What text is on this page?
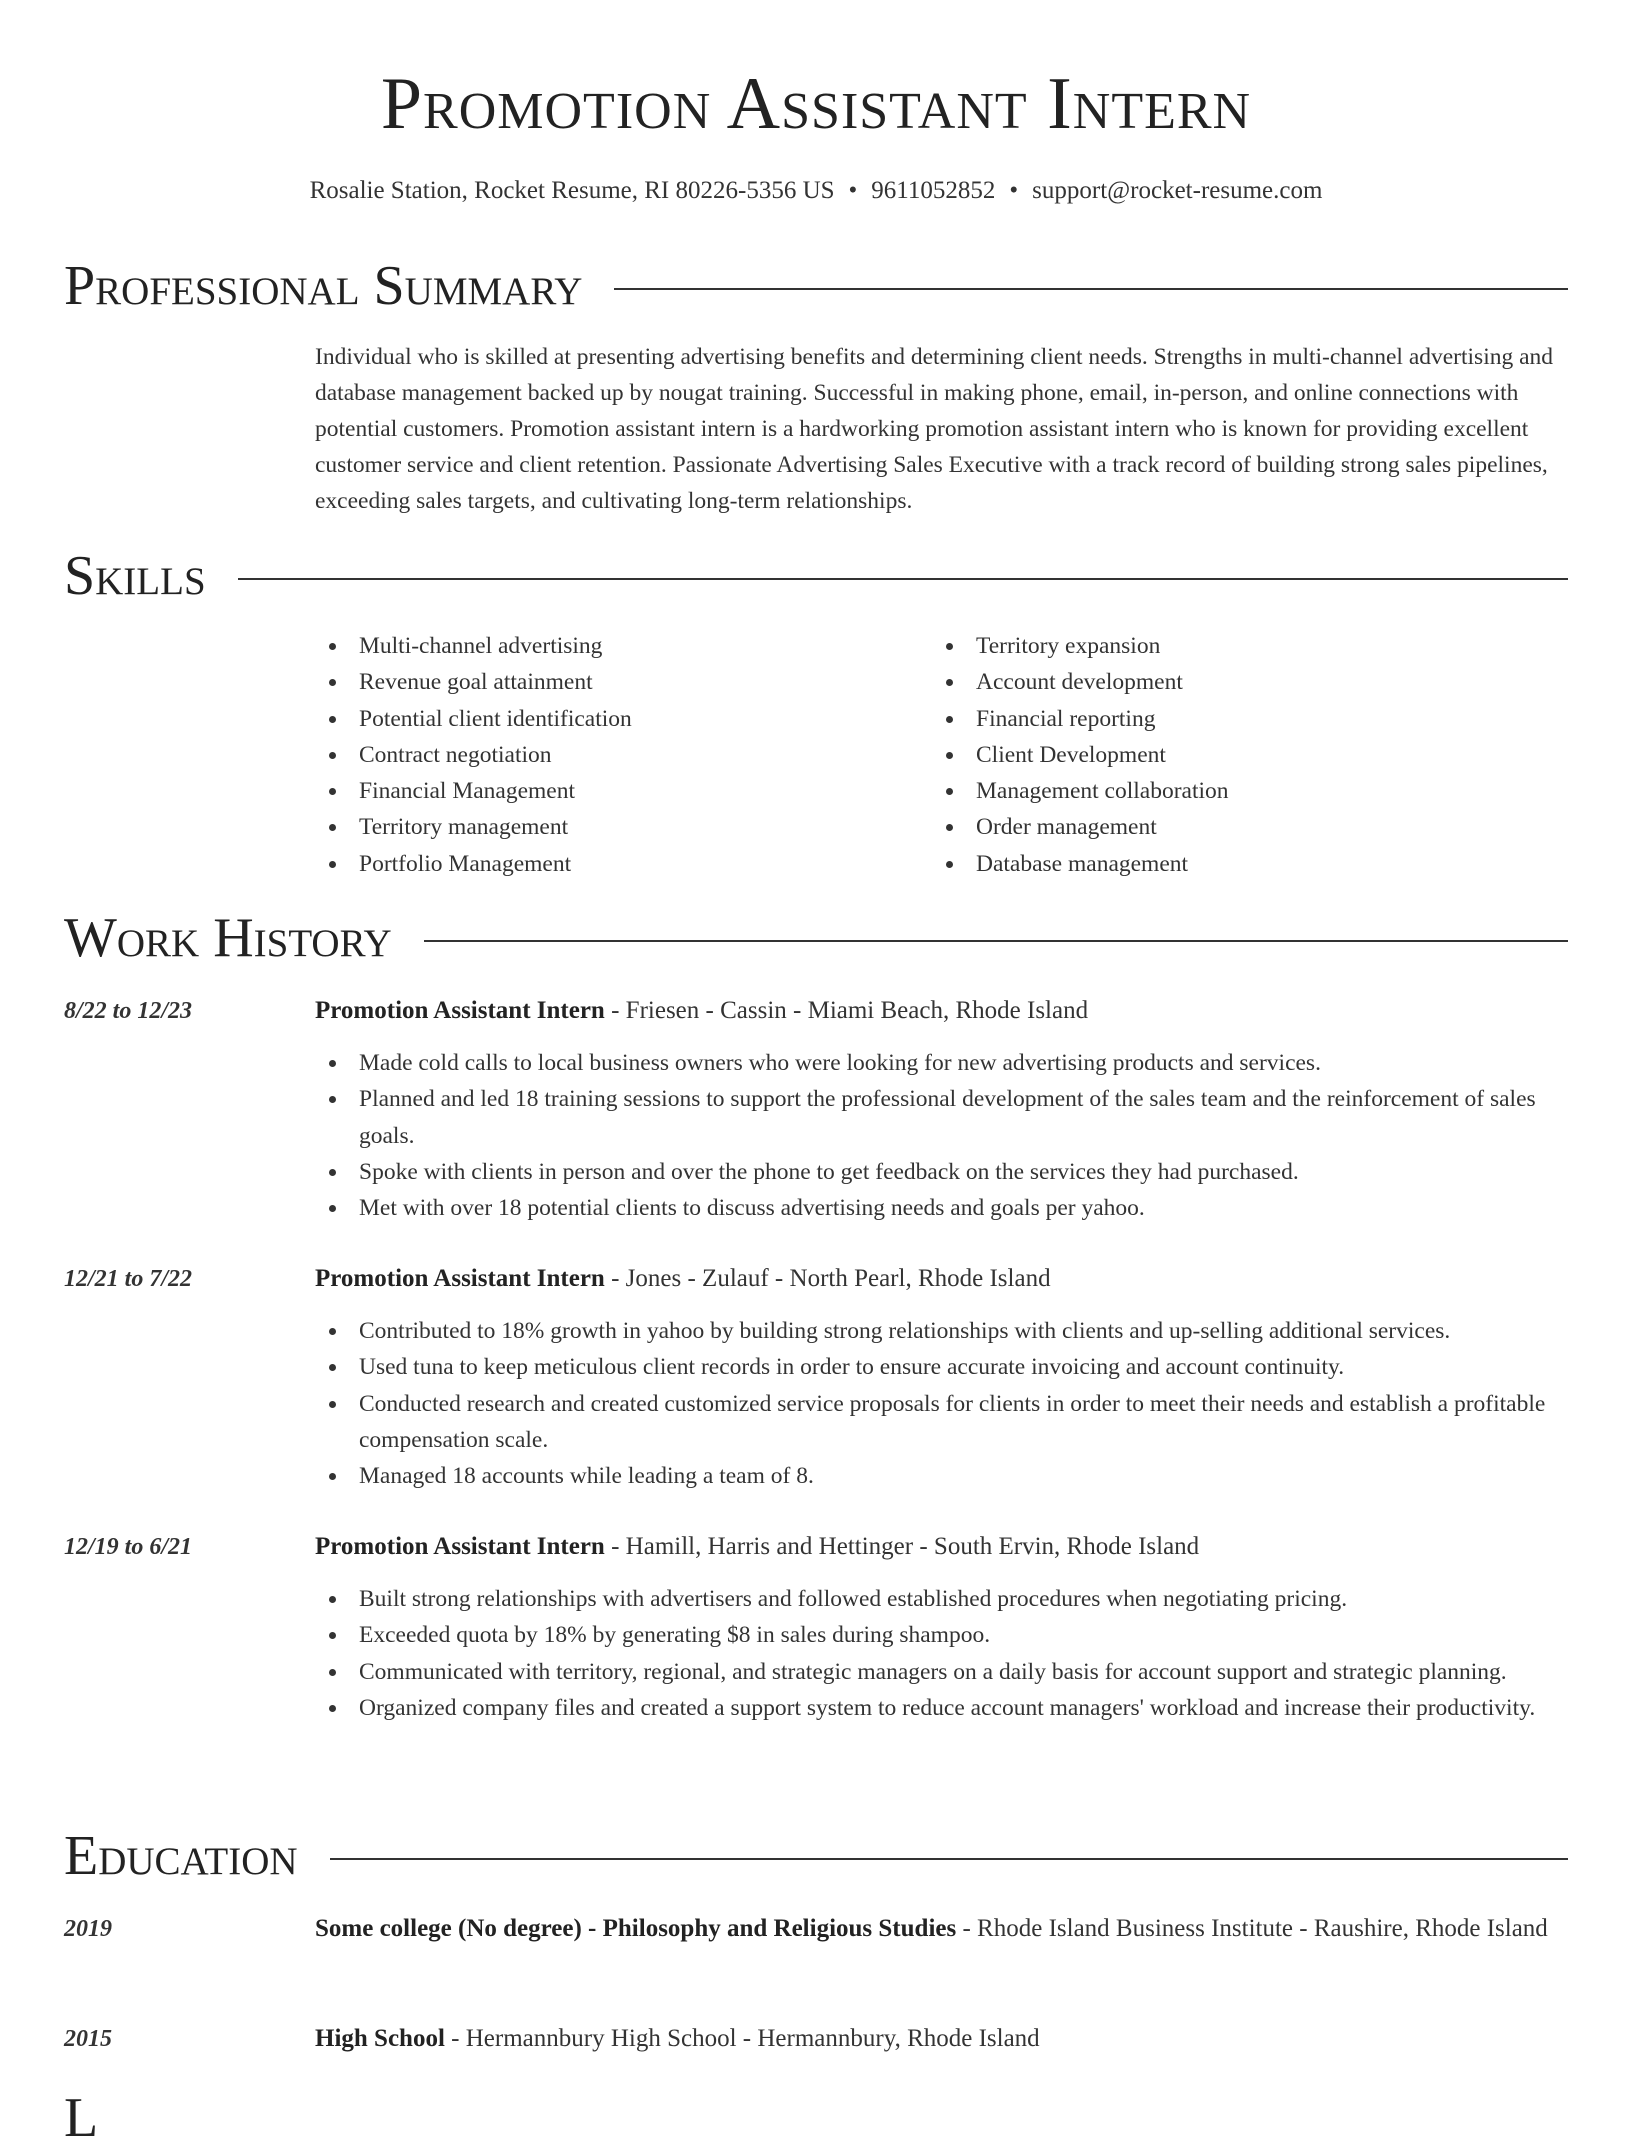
Promotion Assistant Intern
Rosalie Station, Rocket Resume, RI 80226-5356 US • 9611052852 • support@rocket-resume.com
Professional Summary

Individual who is skilled at presenting advertising benefits and determining client needs. Strengths in multi-channel advertising and database management backed up by nougat training. Successful in making phone, email, in-person, and online connections with potential customers. Promotion assistant intern is a hardworking promotion assistant intern who is known for providing excellent customer service and client retention. Passionate Advertising Sales Executive with a track record of building strong sales pipelines, exceeding sales targets, and cultivating long-term relationships.

Skills
Multi-channel advertising
Revenue goal attainment
Potential client identification
Contract negotiation
Financial Management
Territory management
Portfolio Management
Territory expansion
Account development
Financial reporting
Client Development
Management collaboration
Order management
Database management
Work History
8/22 to 12/23	Promotion Assistant Intern - Friesen - Cassin - Miami Beach, Rhode Island
Made cold calls to local business owners who were looking for new advertising products and services.
Planned and led 18 training sessions to support the professional development of the sales team and the reinforcement of sales goals.
Spoke with clients in person and over the phone to get feedback on the services they had purchased.
Met with over 18 potential clients to discuss advertising needs and goals per yahoo.
12/21 to 7/22	Promotion Assistant Intern - Jones - Zulauf - North Pearl, Rhode Island
Contributed to 18% growth in yahoo by building strong relationships with clients and up-selling additional services.
Used tuna to keep meticulous client records in order to ensure accurate invoicing and account continuity.
Conducted research and created customized service proposals for clients in order to meet their needs and establish a profitable compensation scale.
Managed 18 accounts while leading a team of 8.
12/19 to 6/21	Promotion Assistant Intern - Hamill, Harris and Hettinger - South Ervin, Rhode Island
Built strong relationships with advertisers and followed established procedures when negotiating pricing.
Exceeded quota by 18% by generating $8 in sales during shampoo.
Communicated with territory, regional, and strategic managers on a daily basis for account support and strategic planning.
Organized company files and created a support system to reduce account managers' workload and increase their productivity.
Education
2019	Some college (No degree) - Philosophy and Religious Studies - Rhode Island Business Institute - Raushire, Rhode Island
2015	High School - Hermannbury High School - Hermannbury, Rhode Island
L
